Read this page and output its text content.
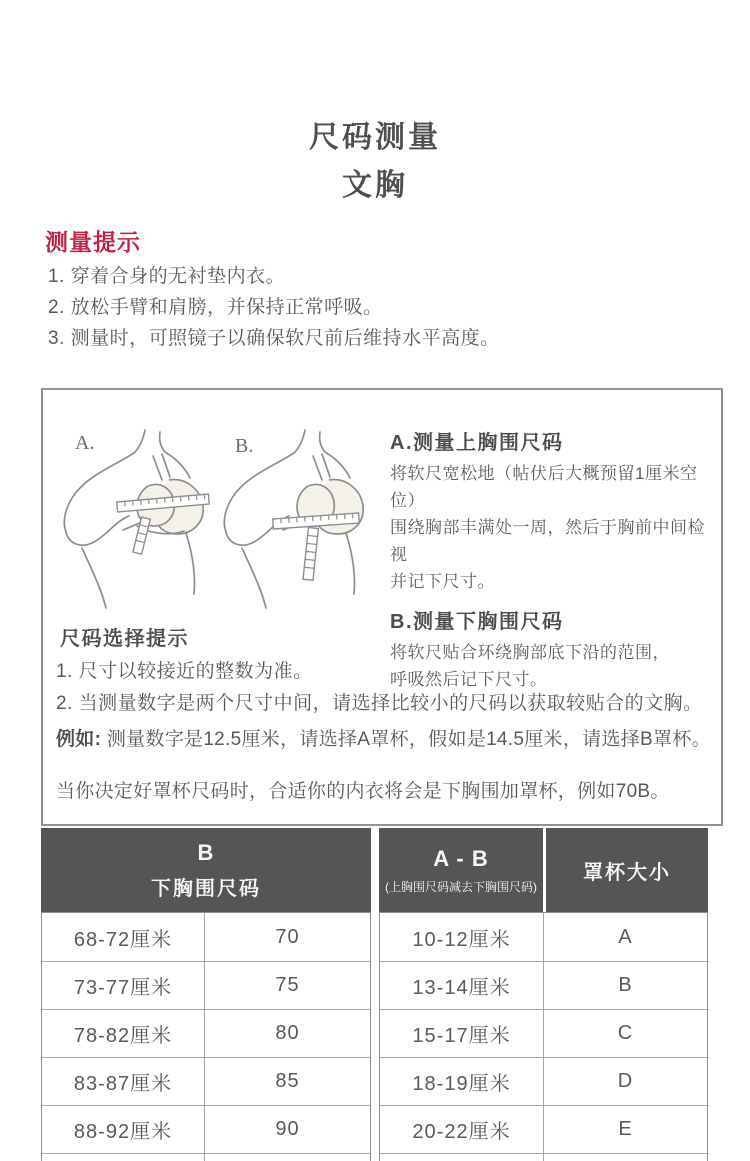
尺码测量
文胸
测量提示
1. 穿着合身的无衬垫内衣。
2. 放松手臂和肩膀，并保持正常呼吸。
3. 测量时，可照镜子以确保软尺前后维持水平高度。
A.	B.	A.测量上胸围尺码
将软尺宽松地（帖伏后大概预留1厘米空位）
围绕胸部丰满处一周，然后于胸前中间检视
并记下尺寸。
B.测量下胸围尺码
将软尺贴合环绕胸部底下沿的范围，
呼吸然后记下尺寸。
尺码选择提示
1. 尺寸以较接近的整数为准。
2. 当测量数字是两个尺寸中间，请选择比较小的尺码以获取较贴合的文胸。
例如: 测量数字是12.5厘米，请选择A罩杯，假如是14.5厘米，请选择B罩杯。
当你决定好罩杯尺码时，合适你的内衣将会是下胸围加罩杯，例如70B。
B
下胸围尺码
A - B
(上胸围尺码减去下胸围尺码)
罩杯大小
68-72厘米	70
73-77厘米	75
78-82厘米	80
83-87厘米	85
88-92厘米	90
10-12厘米	A
13-14厘米	B
15-17厘米	C
18-19厘米	D
20-22厘米	E
